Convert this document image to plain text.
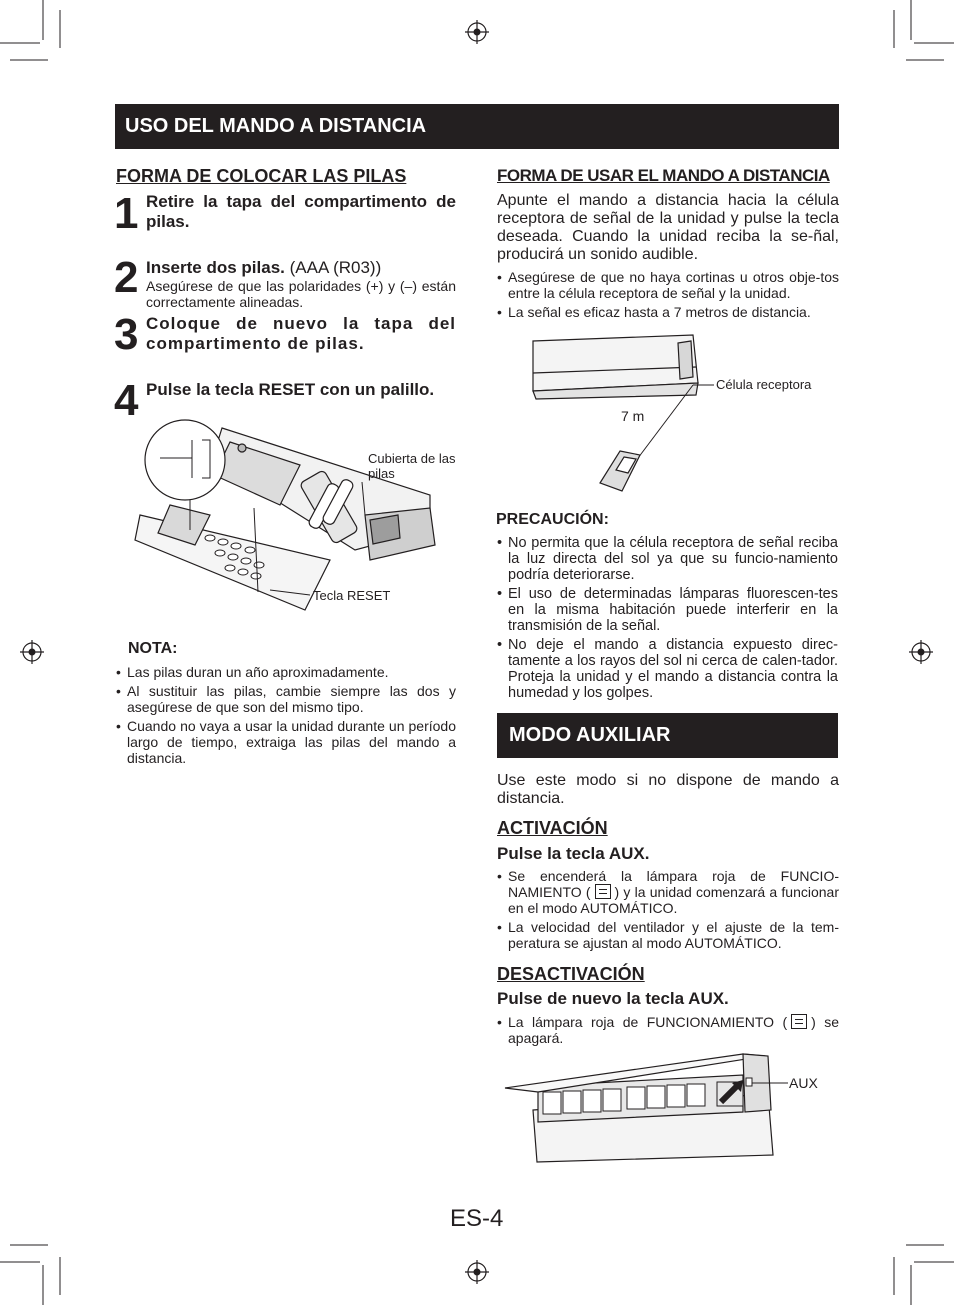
USO DEL MANDO A DISTANCIA
FORMA DE COLOCAR LAS PILAS
1 Retire la tapa del compartimento de pilas.
2 Inserte dos pilas. (AAA (R03))
Asegúrese de que las polaridades (+) y (–) están correctamente alineadas.
3 Coloque de nuevo la tapa del compartimento de pilas.
4 Pulse la tecla RESET con un palillo.
Cubierta de las pilas
Tecla RESET
NOTA:
• Las pilas duran un año aproximadamente.
• Al sustituir las pilas, cambie siempre las dos y asegúrese de que son del mismo tipo.
• Cuando no vaya a usar la unidad durante un período largo de tiempo, extraiga las pilas del mando a distancia.
FORMA DE USAR EL MANDO A DISTANCIA
Apunte el mando a distancia hacia la célula receptora de señal de la unidad y pulse la tecla deseada. Cuando la unidad reciba la se-ñal, producirá un sonido audible.
• Asegúrese de que no haya cortinas u otros obje-tos entre la célula receptora de señal y la unidad.
• La señal es eficaz hasta a 7 metros de distancia.
Célula receptora
7 m
PRECAUCIÓN:
• No permita que la célula receptora de señal reciba la luz directa del sol ya que su funcio-namiento podría deteriorarse.
• El uso de determinadas lámparas fluorescen-tes en la misma habitación puede interferir en la transmisión de la señal.
• No deje el mando a distancia expuesto direc-tamente a los rayos del sol ni cerca de calen-tador. Proteja la unidad y el mando a distancia contra la humedad y los golpes.
MODO AUXILIAR
Use este modo si no dispone de mando a distancia.
ACTIVACIÓN
Pulse la tecla AUX.
• Se encenderá la lámpara roja de FUNCIO-NAMIENTO ( ) y la unidad comenzará a funcionar en el modo AUTOMÁTICO.
• La velocidad del ventilador y el ajuste de la tem-peratura se ajustan al modo AUTOMÁTICO.
DESACTIVACIÓN
Pulse de nuevo la tecla AUX.
• La lámpara roja de FUNCIONAMIENTO ( ) se apagará.
AUX
ES-4
